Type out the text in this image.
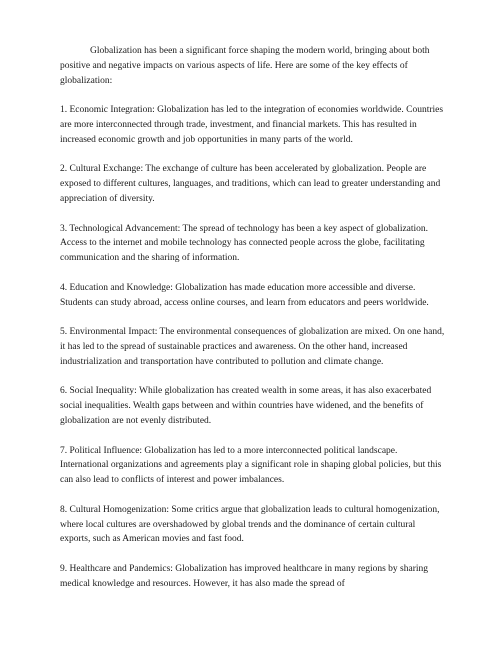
Globalization has been a significant force shaping the modern world, bringing about both positive and negative impacts on various aspects of life. Here are some of the key effects of globalization:

1. Economic Integration: Globalization has led to the integration of economies worldwide. Countries are more interconnected through trade, investment, and financial markets. This has resulted in increased economic growth and job opportunities in many parts of the world.

2. Cultural Exchange: The exchange of culture has been accelerated by globalization. People are exposed to different cultures, languages, and traditions, which can lead to greater understanding and appreciation of diversity.

3. Technological Advancement: The spread of technology has been a key aspect of globalization. Access to the internet and mobile technology has connected people across the globe, facilitating communication and the sharing of information.

4. Education and Knowledge: Globalization has made education more accessible and diverse. Students can study abroad, access online courses, and learn from educators and peers worldwide.

5. Environmental Impact: The environmental consequences of globalization are mixed. On one hand, it has led to the spread of sustainable practices and awareness. On the other hand, increased industrialization and transportation have contributed to pollution and climate change.

6. Social Inequality: While globalization has created wealth in some areas, it has also exacerbated social inequalities. Wealth gaps between and within countries have widened, and the benefits of globalization are not evenly distributed.

7. Political Influence: Globalization has led to a more interconnected political landscape. International organizations and agreements play a significant role in shaping global policies, but this can also lead to conflicts of interest and power imbalances.

8. Cultural Homogenization: Some critics argue that globalization leads to cultural homogenization, where local cultures are overshadowed by global trends and the dominance of certain cultural exports, such as American movies and fast food.

9. Healthcare and Pandemics: Globalization has improved healthcare in many regions by sharing medical knowledge and resources. However, it has also made the spread of
